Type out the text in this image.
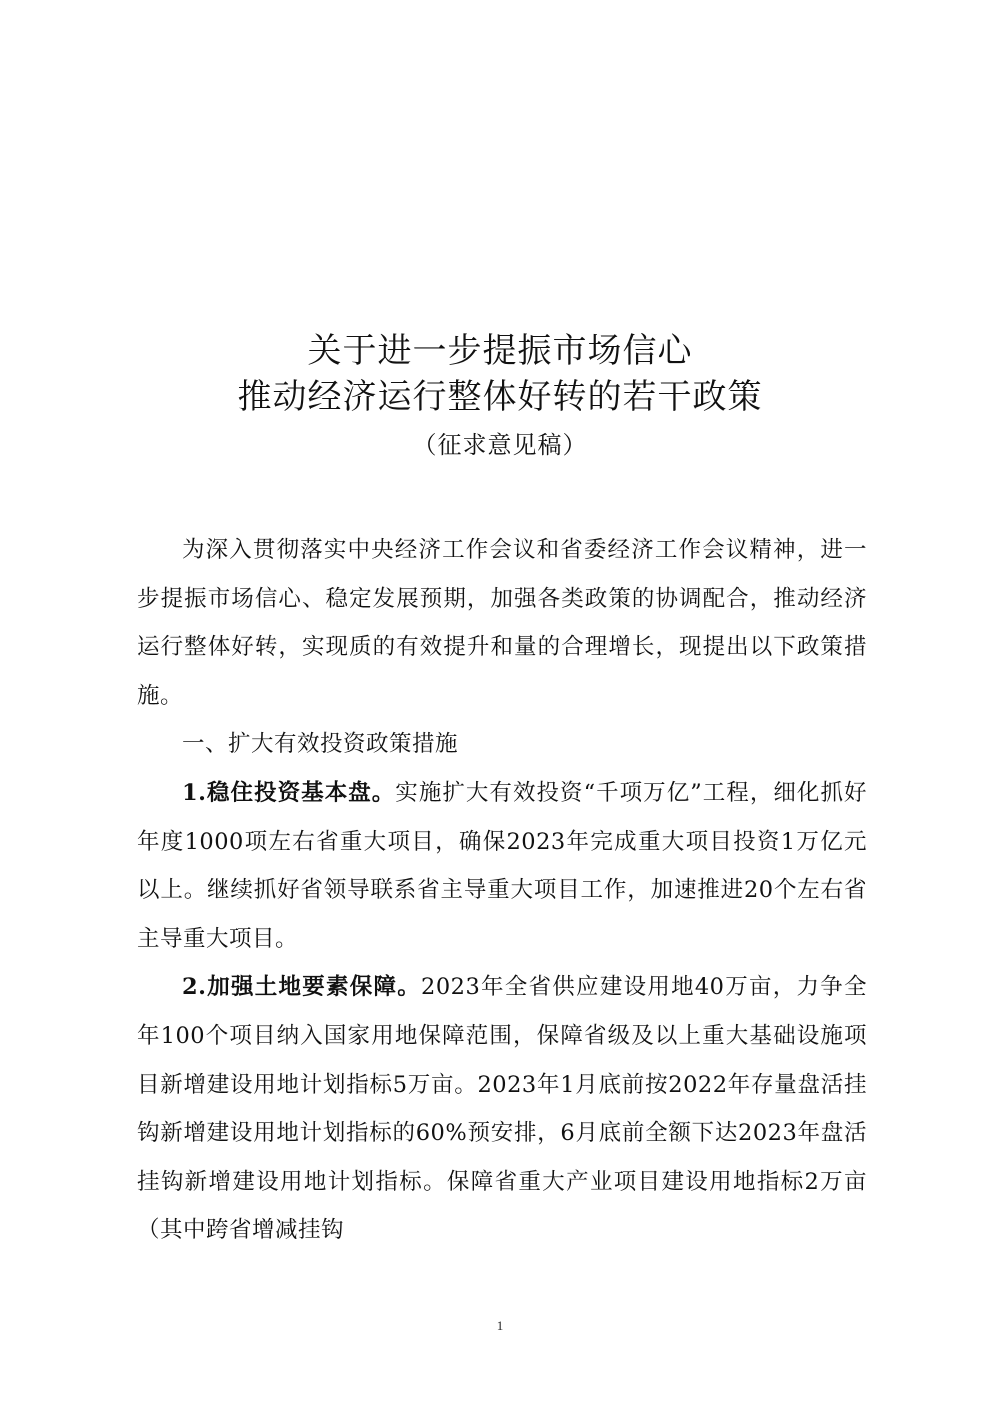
关于进一步提振市场信心
推动经济运行整体好转的若干政策
（征求意见稿）

为深入贯彻落实中央经济工作会议和省委经济工作会议精神，进一步提振市场信心、稳定发展预期，加强各类政策的协调配合，推动经济运行整体好转，实现质的有效提升和量的合理增长，现提出以下政策措施。

一、扩大有效投资政策措施

1.稳住投资基本盘。实施扩大有效投资“千项万亿”工程，细化抓好年度1000项左右省重大项目，确保2023年完成重大项目投资1万亿元以上。继续抓好省领导联系省主导重大项目工作，加速推进20个左右省主导重大项目。

2.加强土地要素保障。2023年全省供应建设用地40万亩，力争全年100个项目纳入国家用地保障范围，保障省级及以上重大基础设施项目新增建设用地计划指标5万亩。2023年1月底前按2022年存量盘活挂钩新增建设用地计划指标的60%预安排，6月底前全额下达2023年盘活挂钩新增建设用地计划指标。保障省重大产业项目建设用地指标2万亩（其中跨省增减挂钩

1
